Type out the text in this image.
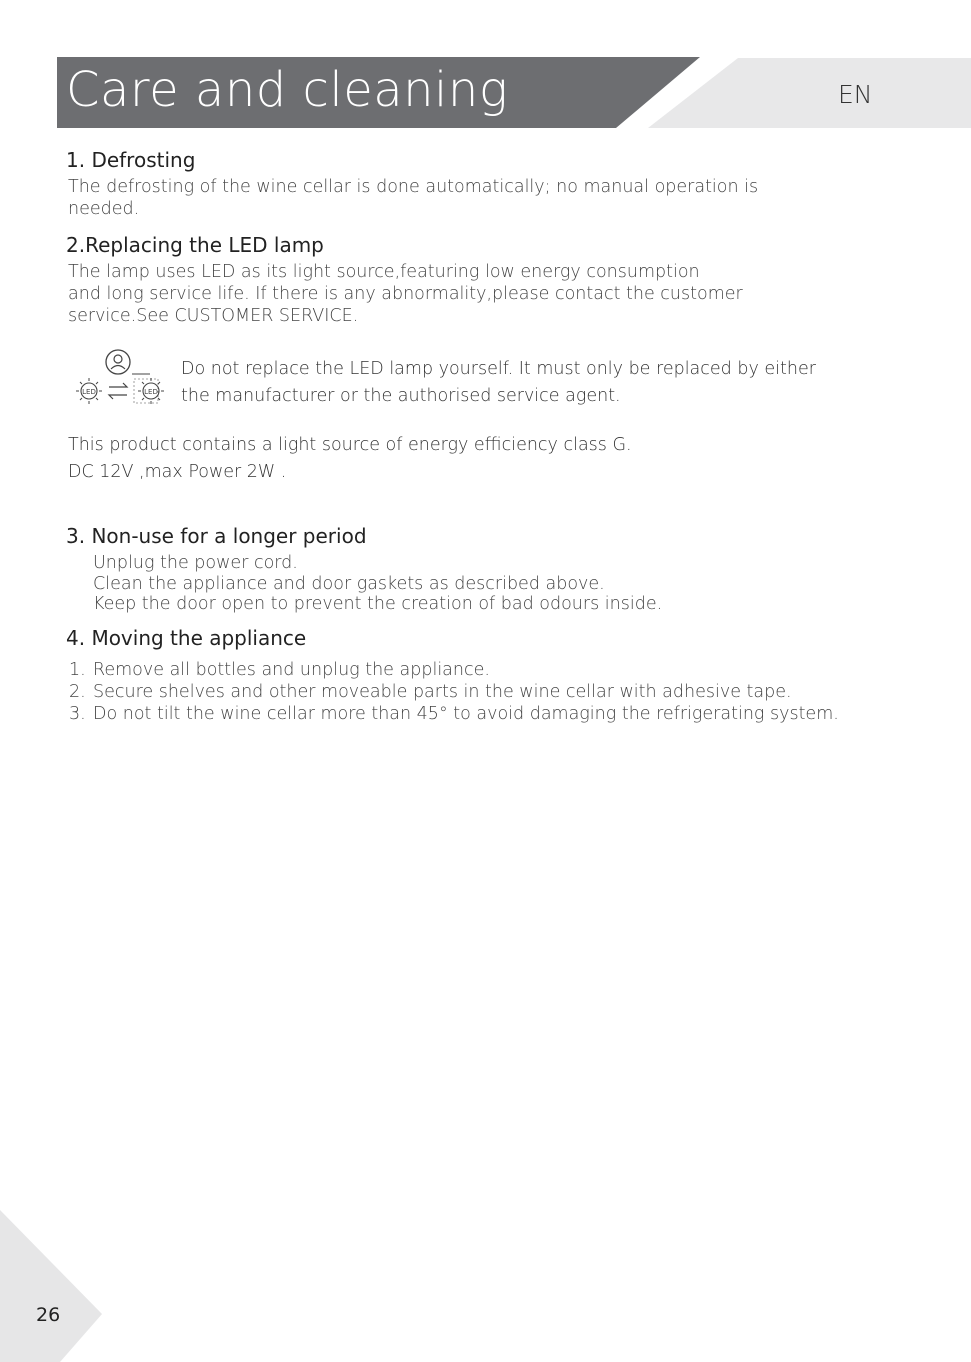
Care and cleaning	EN
1. Defrosting
The defrosting of the wine cellar is done automatically; no manual operation is
needed.
2.Replacing the LED lamp
The lamp uses LED as its light source,featuring low energy consumption
and long service life. If there is any abnormality,please contact the customer
service.See CUSTOMER SERVICE.
LED	LED
Do not replace the LED lamp yourself. It must only be replaced by either
the manufacturer or the authorised service agent.
This product contains a light source of energy efficiency class G.
DC 12V ,max Power 2W .
3. Non-use for a longer period
Unplug the power cord.
Clean the appliance and door gaskets as described above.
Keep the door open to prevent the creation of bad odours inside.
4. Moving the appliance
1. Remove all bottles and unplug the appliance.
2. Secure shelves and other moveable parts in the wine cellar with adhesive tape.
3. Do not tilt the wine cellar more than 45° to avoid damaging the refrigerating system.
26
